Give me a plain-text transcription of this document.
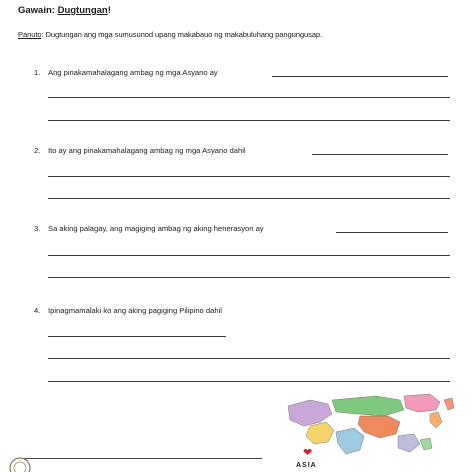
Gawain: Dugtungan!
Panuto: Dugtungan ang mga sumusunod upang makabauo ng makabuluhang pangungusap.
1. Ang pinakamahalagang ambag ng mga Asyano ay
2. Ito ay ang pinakamahalagang ambag ng mga Asyano dahil
3. Sa aking palagay, ang magiging ambag ng aking henerasyon ay
4. Ipinagmamalaki ko ang aking pagiging Pilipino dahil
❤
ASIA
